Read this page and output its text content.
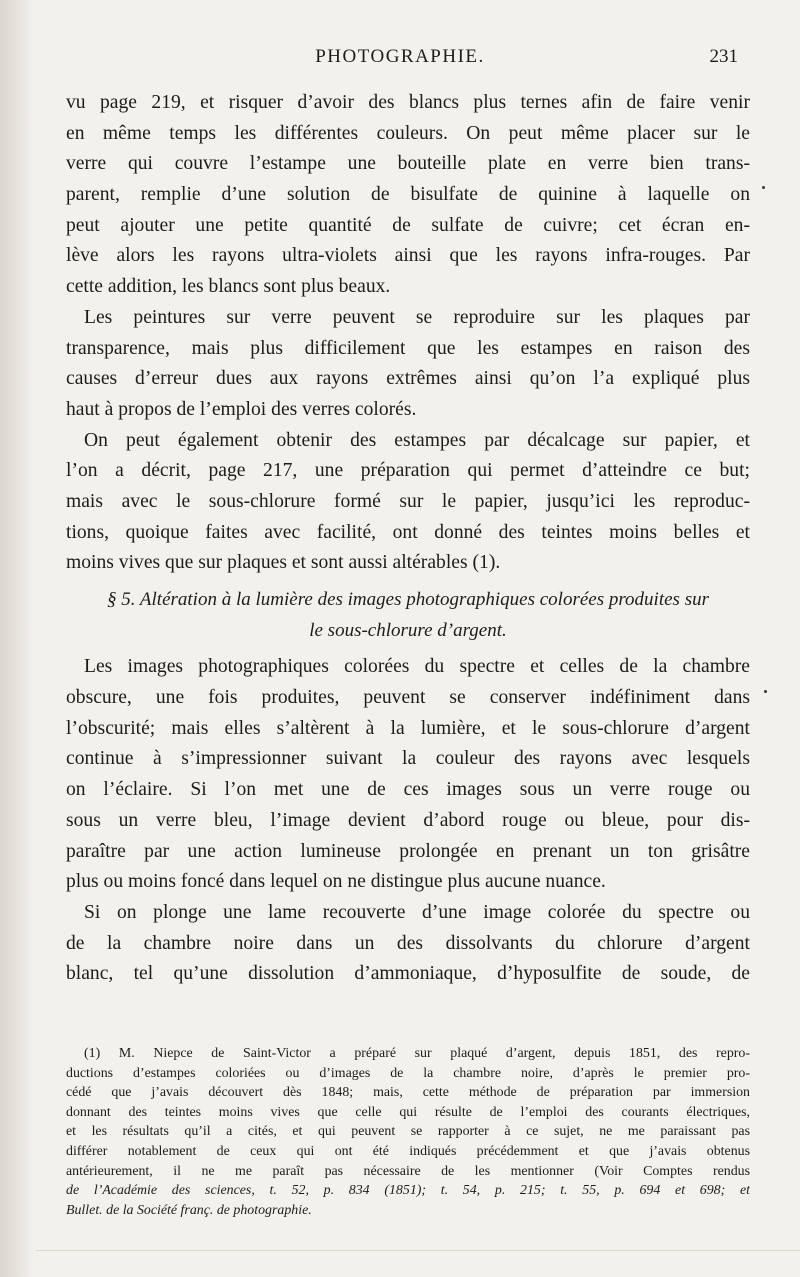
PHOTOGRAPHIE.	231
vu page 219, et risquer d’avoir des blancs plus ternes afin de faire venir
en même temps les différentes couleurs. On peut même placer sur le
verre qui couvre l’estampe une bouteille plate en verre bien trans-
parent, remplie d’une solution de bisulfate de quinine à laquelle on
peut ajouter une petite quantité de sulfate de cuivre; cet écran en-
lève alors les rayons ultra-violets ainsi que les rayons infra-rouges. Par
cette addition, les blancs sont plus beaux.
Les peintures sur verre peuvent se reproduire sur les plaques par
transparence, mais plus difficilement que les estampes en raison des
causes d’erreur dues aux rayons extrêmes ainsi qu’on l’a expliqué plus
haut à propos de l’emploi des verres colorés.
On peut également obtenir des estampes par décalcage sur papier, et
l’on a décrit, page 217, une préparation qui permet d’atteindre ce but;
mais avec le sous-chlorure formé sur le papier, jusqu’ici les reproduc-
tions, quoique faites avec facilité, ont donné des teintes moins belles et
moins vives que sur plaques et sont aussi altérables (1).
§ 5. Altération à la lumière des images photographiques colorées produites sur
le sous-chlorure d’argent.
Les images photographiques colorées du spectre et celles de la chambre
obscure, une fois produites, peuvent se conserver indéfiniment dans
l’obscurité; mais elles s’altèrent à la lumière, et le sous-chlorure d’argent
continue à s’impressionner suivant la couleur des rayons avec lesquels
on l’éclaire. Si l’on met une de ces images sous un verre rouge ou
sous un verre bleu, l’image devient d’abord rouge ou bleue, pour dis-
paraître par une action lumineuse prolongée en prenant un ton grisâtre
plus ou moins foncé dans lequel on ne distingue plus aucune nuance.
Si on plonge une lame recouverte d’une image colorée du spectre ou
de la chambre noire dans un des dissolvants du chlorure d’argent
blanc, tel qu’une dissolution d’ammoniaque, d’hyposulfite de soude, de
(1) M. Niepce de Saint-Victor a préparé sur plaqué d’argent, depuis 1851, des repro-
ductions d’estampes coloriées ou d’images de la chambre noire, d’après le premier pro-
cédé que j’avais découvert dès 1848; mais, cette méthode de préparation par immersion
donnant des teintes moins vives que celle qui résulte de l’emploi des courants électriques,
et les résultats qu’il a cités, et qui peuvent se rapporter à ce sujet, ne me paraissant pas
différer notablement de ceux qui ont été indiqués précédemment et que j’avais obtenus
antérieurement, il ne me paraît pas nécessaire de les mentionner (Voir Comptes rendus
de l’Académie des sciences, t. 52, p. 834 (1851); t. 54, p. 215; t. 55, p. 694 et 698; et
Bullet. de la Société franç. de photographie.
